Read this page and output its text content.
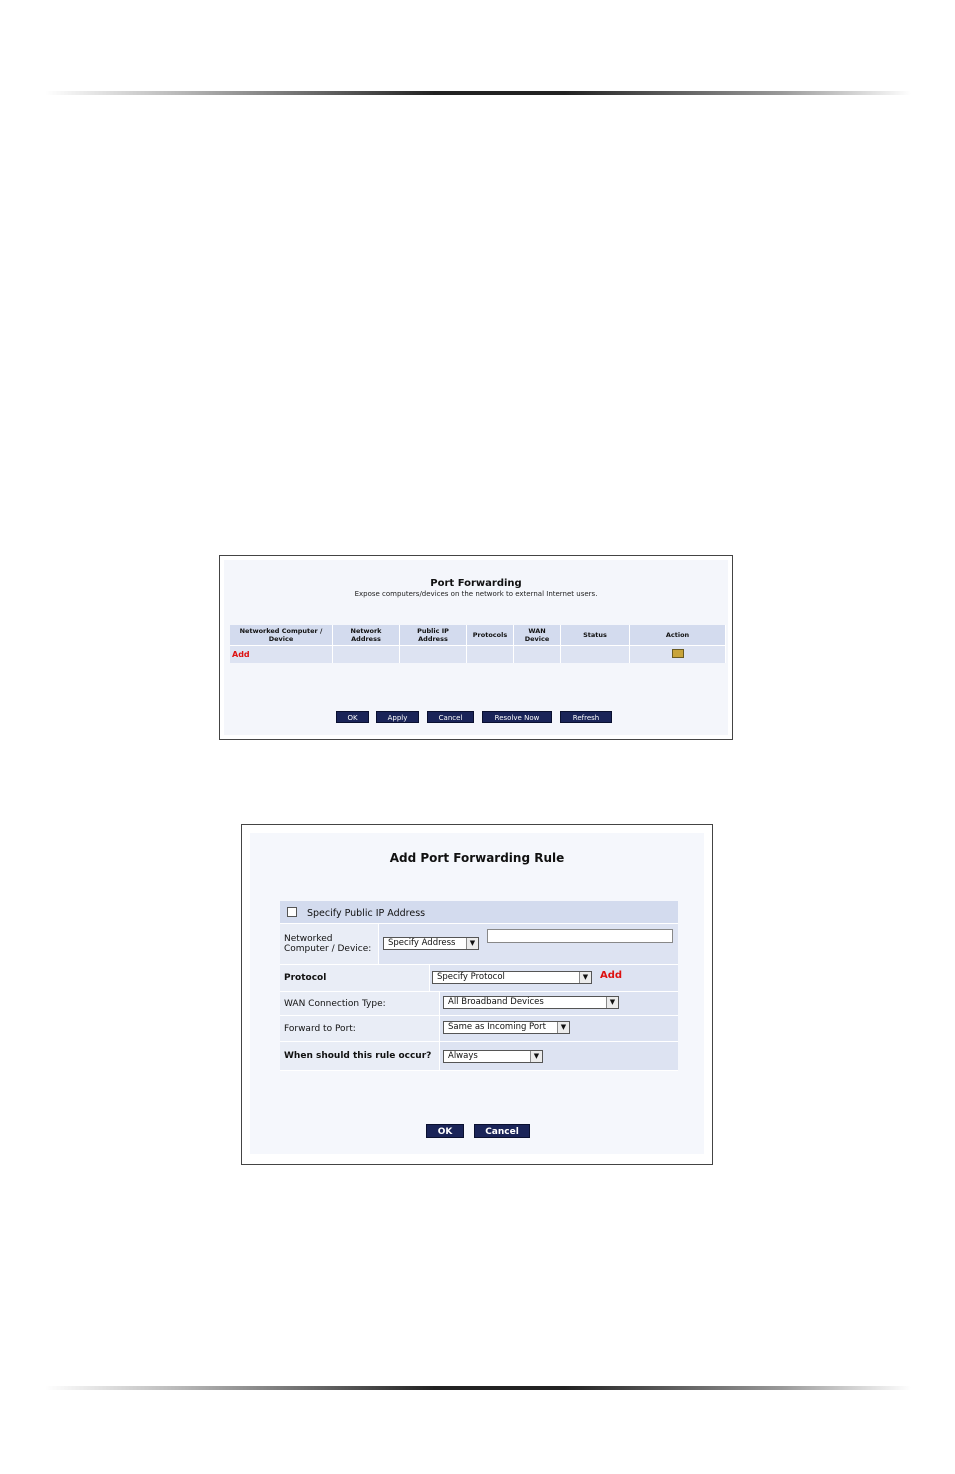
Port Forwarding
Expose computers/devices on the network to external Internet users.
Networked Computer / Device	Network Address	Public IP Address	Protocols	WAN Device	Status	Action
Add						
OK	Apply	Cancel	Resolve Now	Refresh
Add Port Forwarding Rule
Specify Public IP Address
Networked Computer / Device:
Specify Address	▼
Protocol	Specify Protocol	▼ Add
WAN Connection Type:	All Broadband Devices	▼
Forward to Port:	Same as Incoming Port	▼
When should this rule occur?	Always	▼
OK	Cancel
